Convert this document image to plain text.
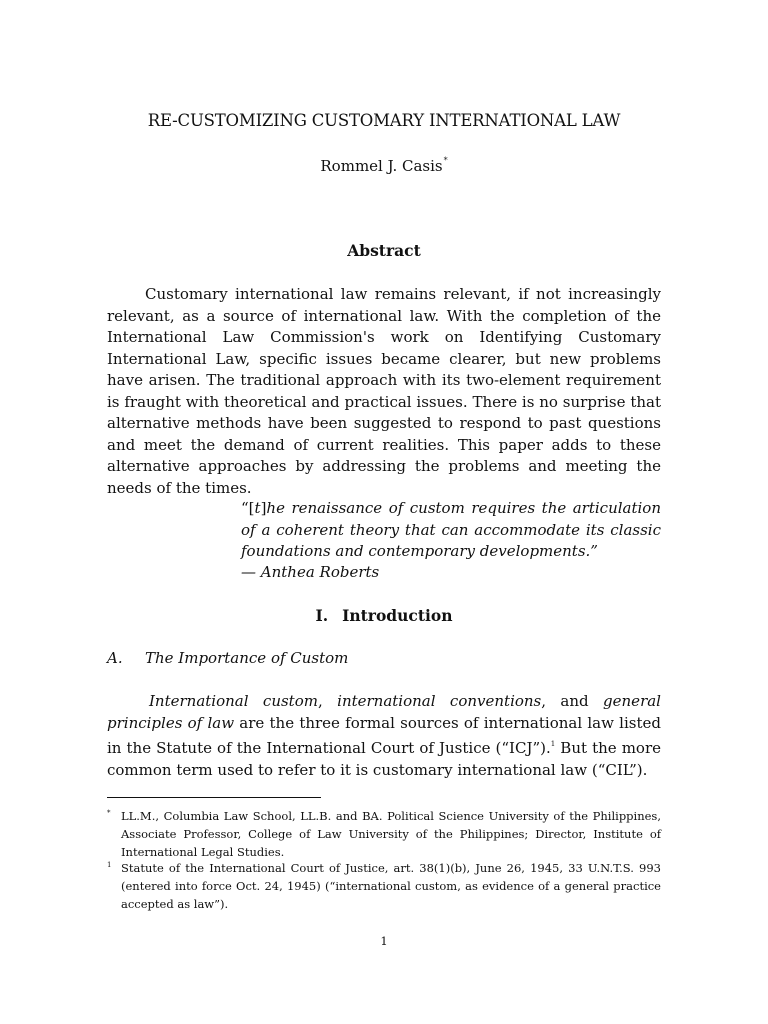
RE-CUSTOMIZING CUSTOMARY INTERNATIONAL LAW
Rommel J. Casis*
Abstract

Customary international law remains relevant, if not increasingly relevant, as a source of international law. With the completion of the International Law Commission's work on Identifying Customary International Law, specific issues became clearer, but new problems have arisen. The traditional approach with its two-element requirement is fraught with theoretical and practical issues. There is no surprise that alternative methods have been suggested to respond to past questions and meet the demand of current realities. This paper adds to these alternative approaches by addressing the problems and meeting the needs of the times.

“[t]he renaissance of custom requires the articulation of a coherent theory that can accommodate its classic foundations and contemporary developments.”

— Anthea Roberts
I. Introduction
A. The Importance of Custom

International custom, international conventions, and general principles of law are the three formal sources of international law listed in the Statute of the International Court of Justice (“ICJ”).$^1$ But the more common term used to refer to it is customary international law (“CIL”).

* LL.M., Columbia Law School, LL.B. and BA. Political Science University of the Philippines, Associate Professor, College of Law University of the Philippines; Director, Institute of International Legal Studies.
1 Statute of the International Court of Justice, art. 38(1)(b), June 26, 1945, 33 U.N.T.S. 993 (entered into force Oct. 24, 1945) (“international custom, as evidence of a general practice accepted as law”).
1
